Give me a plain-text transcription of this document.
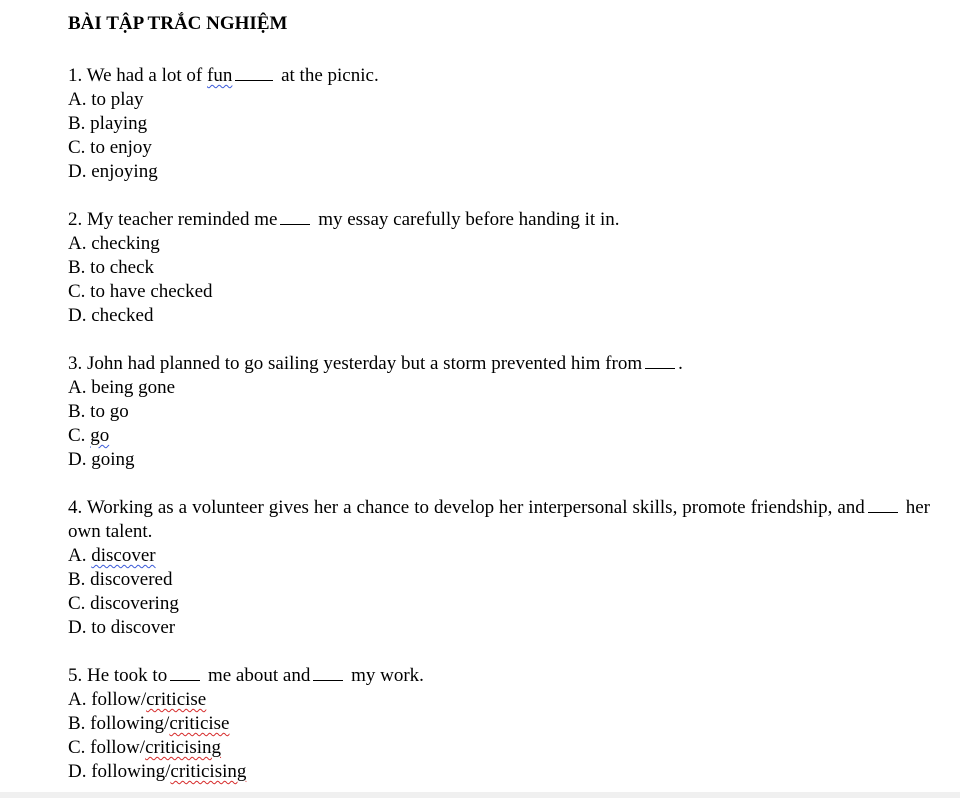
BÀI TẬP TRẮC NGHIỆM

1. We had a lot of fun at the picnic.

A. to play

B. playing

C. to enjoy

D. enjoying

2. My teacher reminded me my essay carefully before handing it in.

A. checking

B. to check

C. to have checked

D. checked

3. John had planned to go sailing yesterday but a storm prevented him from .

A. being gone

B. to go

C. go

D. going

4. Working as a volunteer gives her a chance to develop her interpersonal skills, promote friendship, and her own talent.

A. discover

B. discovered

C. discovering

D. to discover

5. He took to me about and my work.

A. follow/criticise

B. following/criticise

C. follow/criticising

D. following/criticising
